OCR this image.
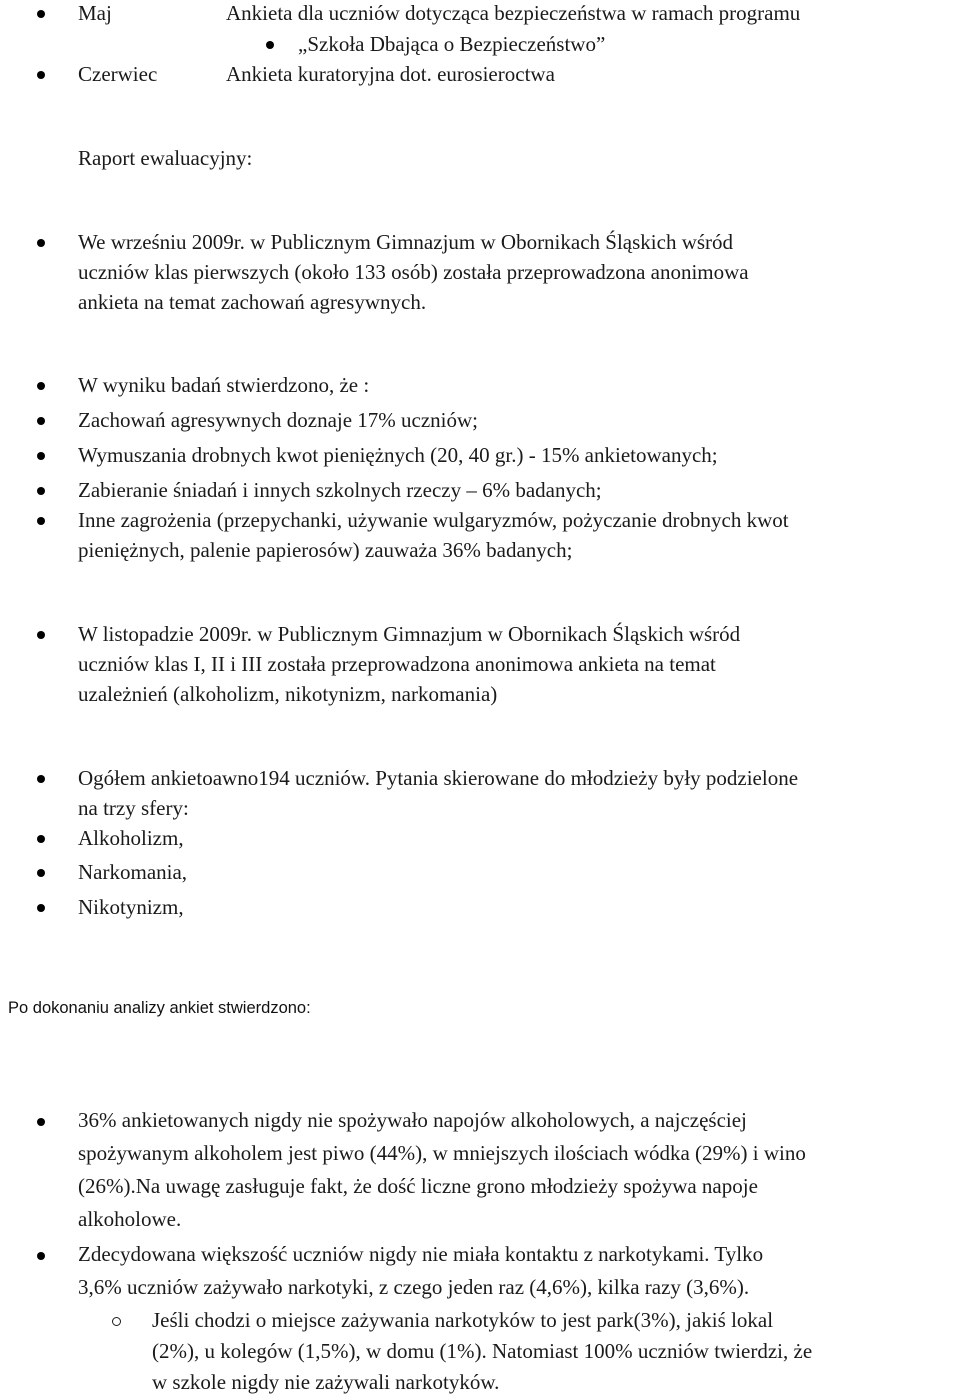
Maj	Ankieta dla uczniów dotycząca bezpieczeństwa w ramach programu
„Szkoła Dbająca o Bezpieczeństwo”
Czerwiec	Ankieta kuratoryjna dot. eurosieroctwa
Raport ewaluacyjny:
We wrześniu 2009r. w Publicznym Gimnazjum w Obornikach Śląskich wśród
uczniów klas pierwszych (około 133 osób) została przeprowadzona anonimowa
ankieta na temat zachowań agresywnych.
W wyniku badań stwierdzono, że :
Zachowań agresywnych doznaje 17% uczniów;
Wymuszania drobnych kwot pieniężnych (20, 40 gr.) - 15% ankietowanych;
Zabieranie śniadań i innych szkolnych rzeczy – 6% badanych;
Inne zagrożenia (przepychanki, używanie wulgaryzmów, pożyczanie drobnych kwot
pieniężnych, palenie papierosów) zauważa 36% badanych;
W listopadzie 2009r. w Publicznym Gimnazjum w Obornikach Śląskich wśród
uczniów klas I, II i III została przeprowadzona anonimowa ankieta na temat
uzależnień (alkoholizm, nikotynizm, narkomania)
Ogółem ankietoawno194 uczniów. Pytania skierowane do młodzieży były podzielone
na trzy sfery:
Alkoholizm,
Narkomania,
Nikotynizm,
Po dokonaniu analizy ankiet stwierdzono:
36% ankietowanych nigdy nie spożywało napojów alkoholowych, a najczęściej
spożywanym alkoholem jest piwo (44%), w mniejszych ilościach wódka (29%) i wino
(26%).Na uwagę zasługuje fakt, że dość liczne grono młodzieży spożywa napoje
alkoholowe.
Zdecydowana większość uczniów nigdy nie miała kontaktu z narkotykami. Tylko
3,6% uczniów zażywało narkotyki, z czego jeden raz (4,6%), kilka razy (3,6%).
Jeśli chodzi o miejsce zażywania narkotyków to jest park(3%), jakiś lokal
(2%), u kolegów (1,5%), w domu (1%). Natomiast 100% uczniów twierdzi, że
w szkole nigdy nie zażywali narkotyków.
